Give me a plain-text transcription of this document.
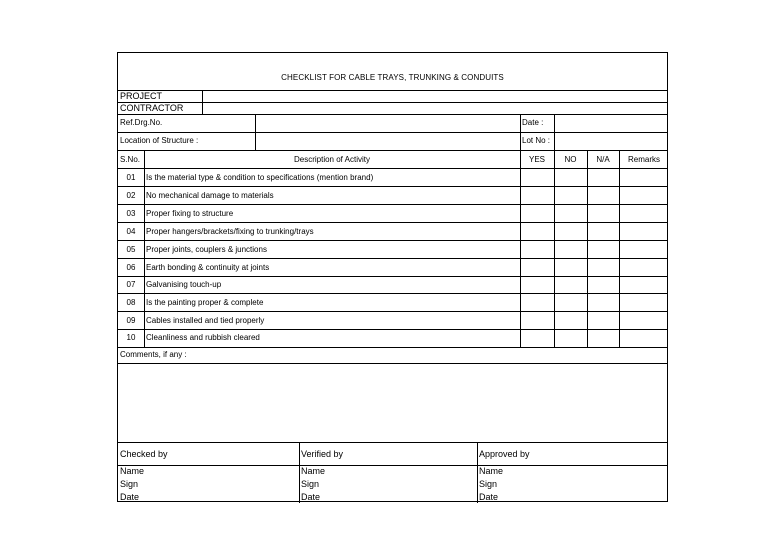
CHECKLIST FOR CABLE TRAYS, TRUNKING & CONDUITS
PROJECT
CONTRACTOR
Ref.Drg.No.	Date :
Location of Structure :	Lot No :
S.No.	Description of Activity	YES	NO	N/A	Remarks
01	Is the material type & condition to specifications (mention brand)
02	No mechanical damage to materials
03	Proper fixing to structure
04	Proper hangers/brackets/fixing to trunking/trays
05	Proper joints, couplers & junctions
06	Earth bonding & continuity at joints
07	Galvanising touch-up
08	Is the painting proper & complete
09	Cables installed and tied properly
10	Cleanliness and rubbish cleared
Comments, if any :
Checked by
Name
Sign
Date
Verified by
Name
Sign
Date
Approved by
Name
Sign
Date
